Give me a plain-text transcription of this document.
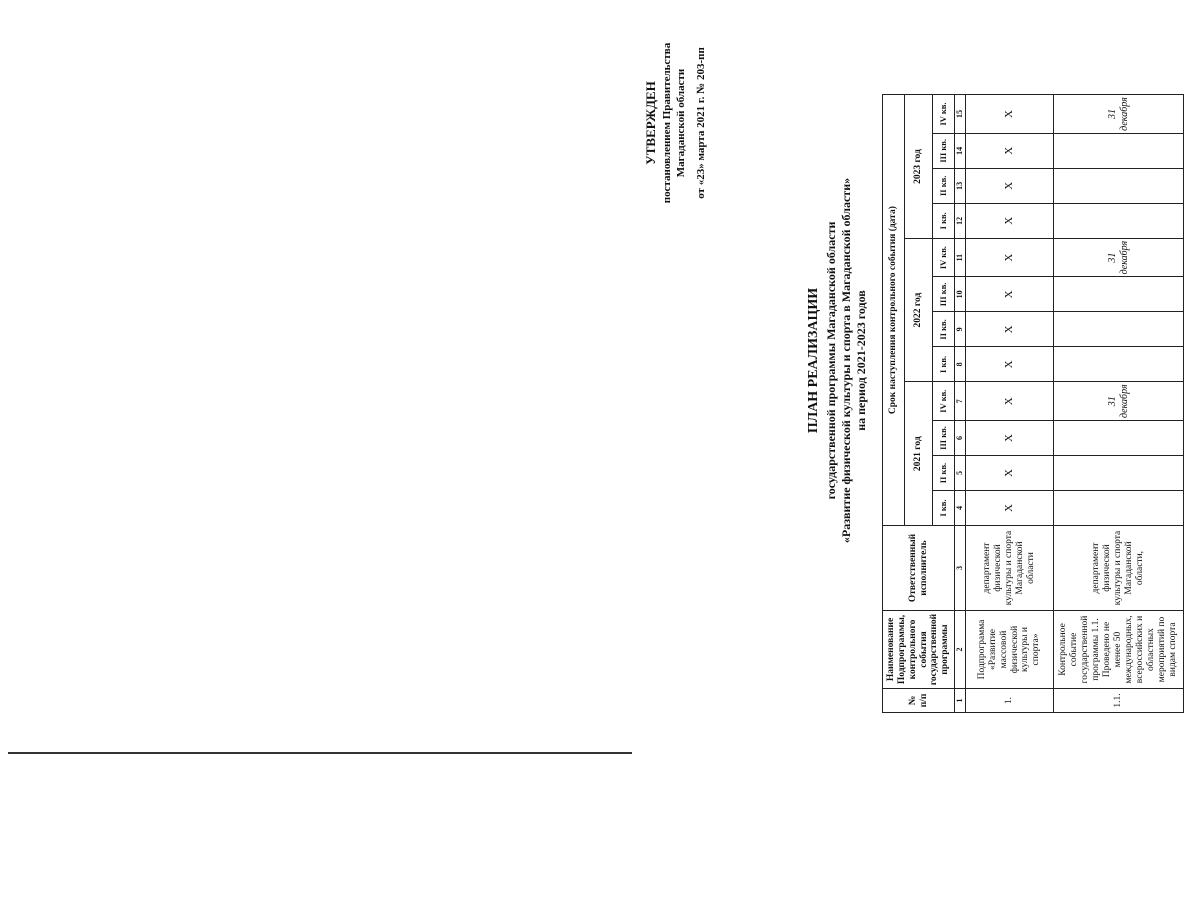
УТВЕРЖДЕН постановлением Правительства Магаданской области от «23» марта 2021 г. № 203-пп
ПЛАН РЕАЛИЗАЦИИ государственной программы Магаданской области «Развитие физической культуры и спорта в Магаданской области» на период 2021-2023 годов
№ п/п	Наименование Подпрограммы, контрольного события государственной программы	Ответственный исполнитель	Срок наступления контрольного события (дата)											
			2021 год				2022 год				2023 год			
			I кв.	II кв.	III кв.	IV кв.	I кв.	II кв.	III кв.	IV кв.	I кв.	II кв.	III кв.	IV кв.
1	2	3	4	5	6	7	8	9	10	11	12	13	14	15
1.	Подпрограмма «Развитие массовой физической культуры и спорта»	департамент физической культуры и спорта Магаданской области	X	X	X	X	X	X	X	X	X	X	X	X
1.1.	Контрольное событие государственной программы 1.1. Проведено не менее 50 международных, всероссийских и областных мероприятий по видам спорта	департамент физической культуры и спорта Магаданской области,				31 декабря				31 декабря				31 декабря
